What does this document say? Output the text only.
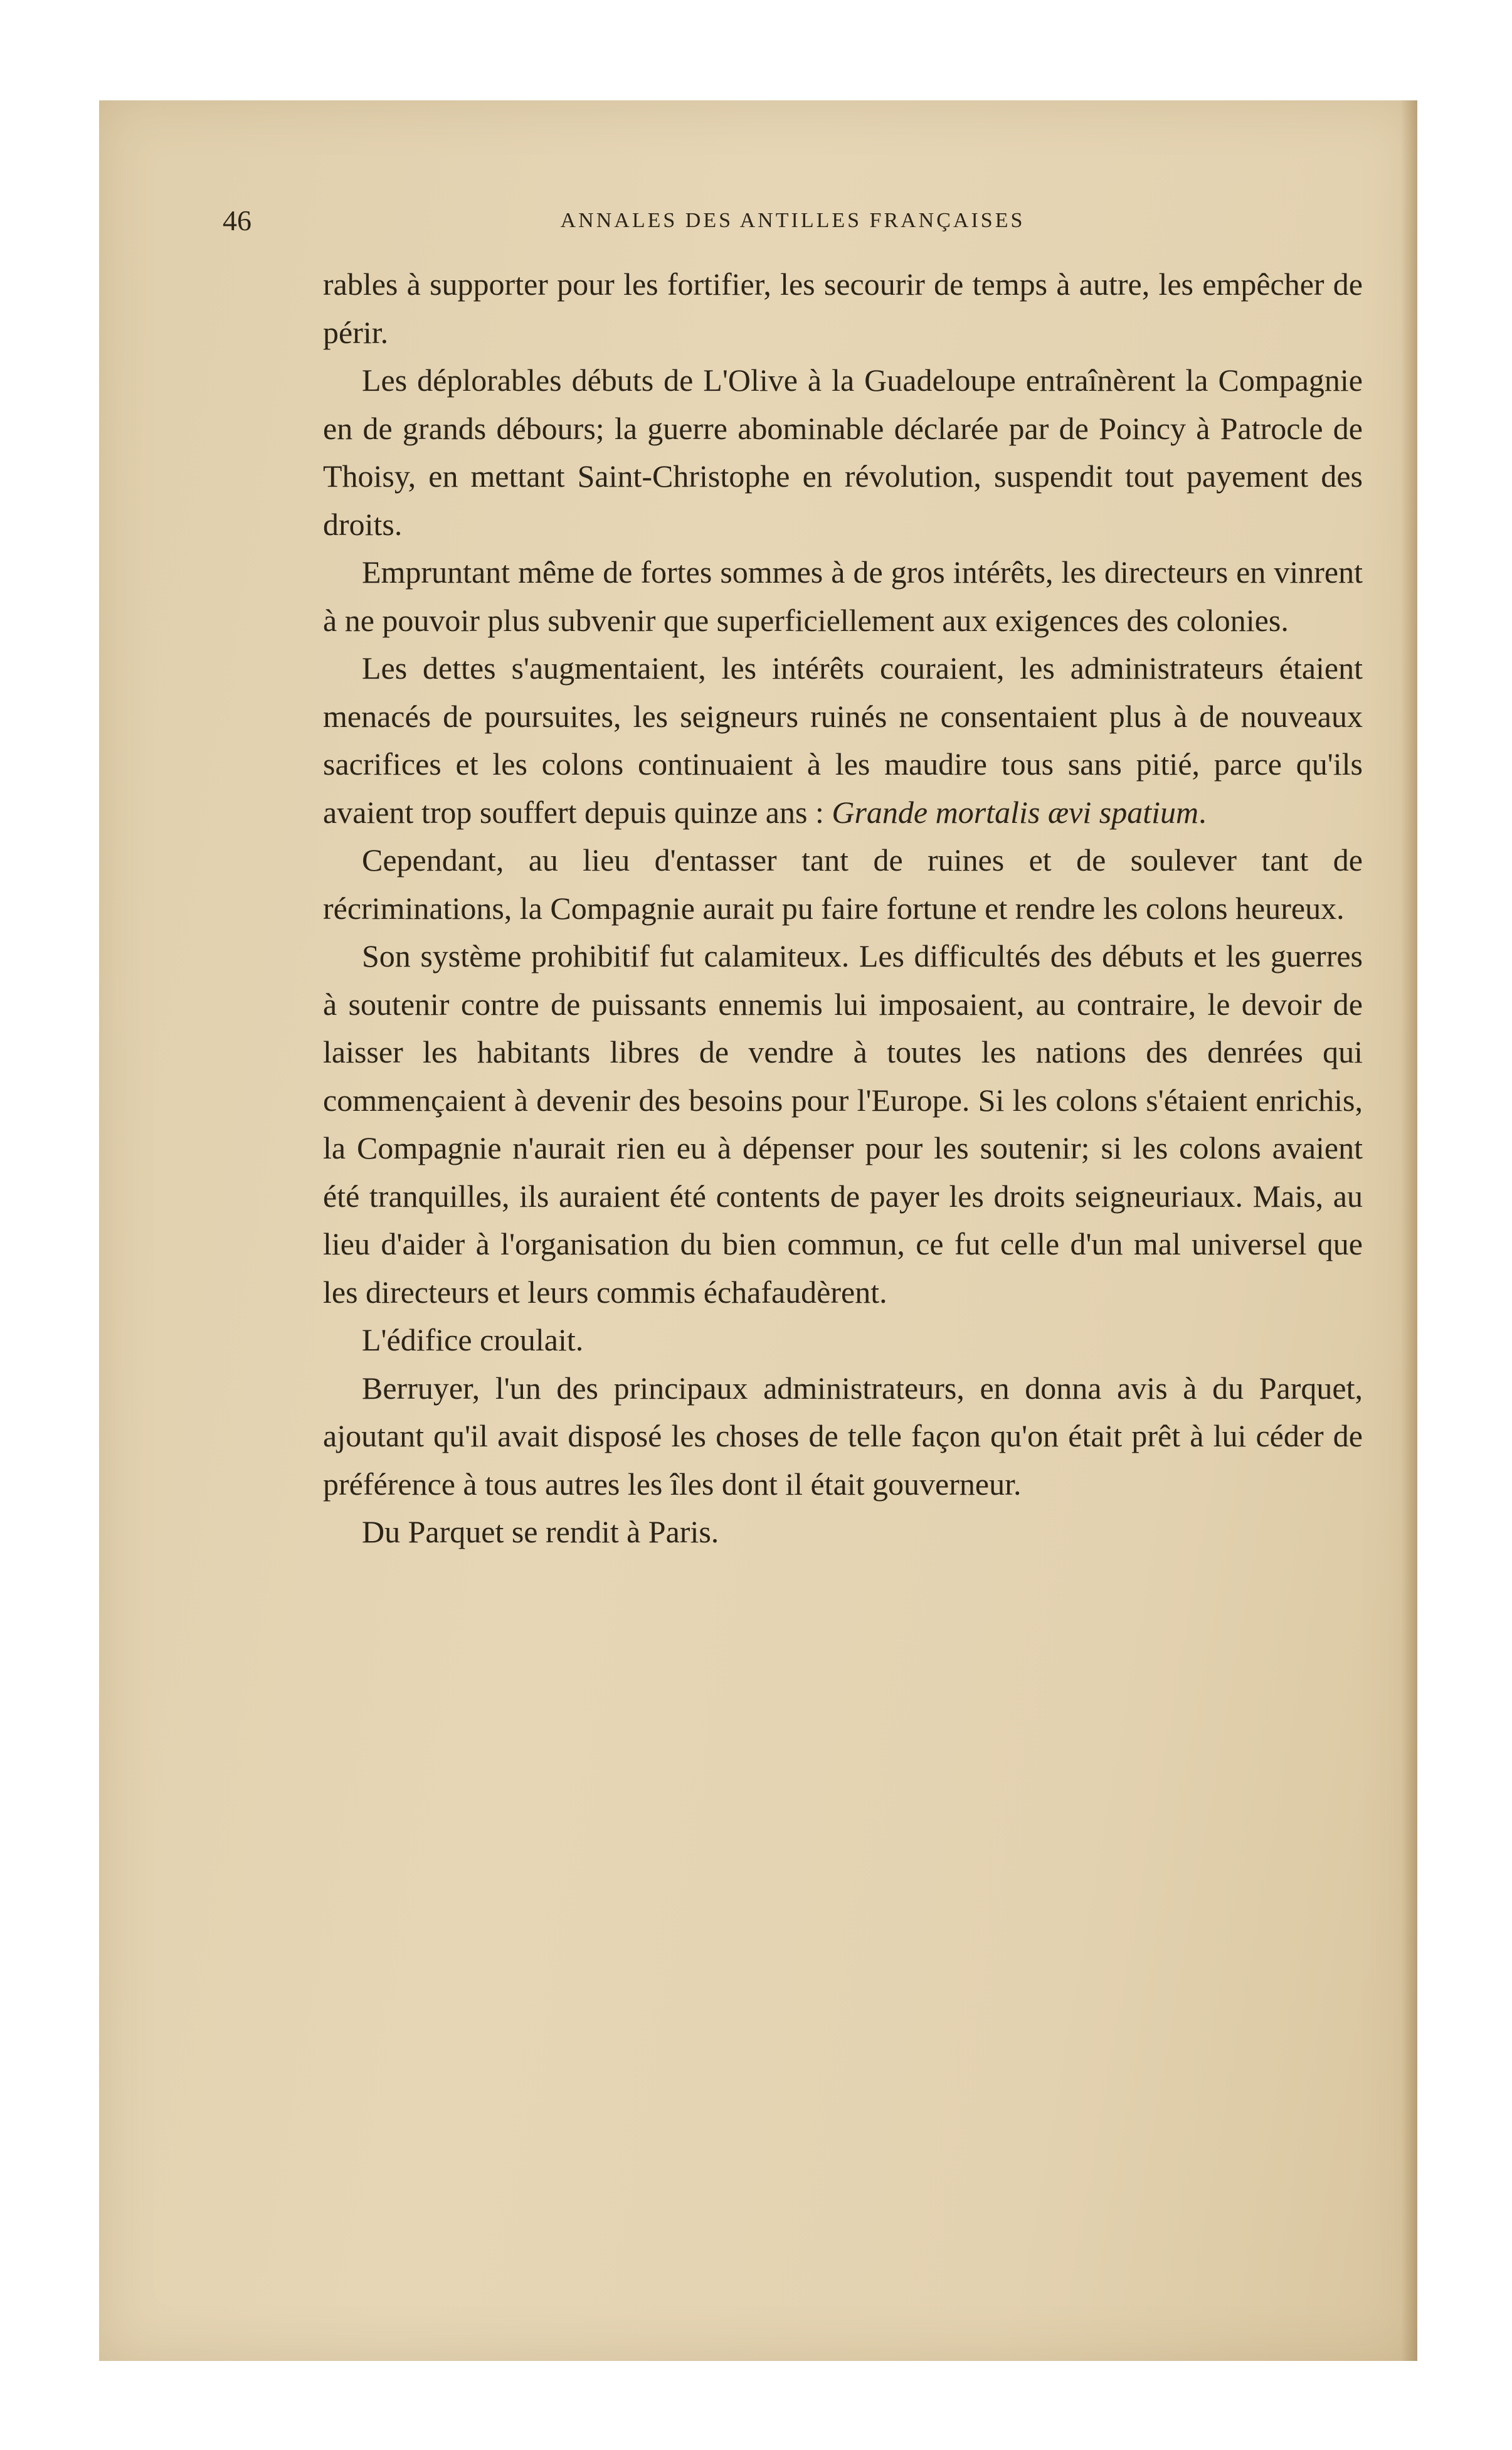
46	ANNALES DES ANTILLES FRANÇAISES

rables à supporter pour les fortifier, les secourir de temps à autre, les empêcher de périr.

Les déplorables débuts de L'Olive à la Guadeloupe entraînèrent la Compagnie en de grands débours; la guerre abominable déclarée par de Poincy à Patrocle de Thoisy, en mettant Saint-Christophe en révolution, suspendit tout payement des droits.

Empruntant même de fortes sommes à de gros intérêts, les directeurs en vinrent à ne pouvoir plus subvenir que superficiellement aux exigences des colonies.

Les dettes s'augmentaient, les intérêts couraient, les administrateurs étaient menacés de poursuites, les seigneurs ruinés ne consentaient plus à de nouveaux sacrifices et les colons continuaient à les maudire tous sans pitié, parce qu'ils avaient trop souffert depuis quinze ans : Grande mortalis ævi spatium.

Cependant, au lieu d'entasser tant de ruines et de soulever tant de récriminations, la Compagnie aurait pu faire fortune et rendre les colons heureux.

Son système prohibitif fut calamiteux. Les difficultés des débuts et les guerres à soutenir contre de puissants ennemis lui imposaient, au contraire, le devoir de laisser les habitants libres de vendre à toutes les nations des denrées qui commençaient à devenir des besoins pour l'Europe. Si les colons s'étaient enrichis, la Compagnie n'aurait rien eu à dépenser pour les soutenir; si les colons avaient été tranquilles, ils auraient été contents de payer les droits seigneuriaux. Mais, au lieu d'aider à l'organisation du bien commun, ce fut celle d'un mal universel que les directeurs et leurs commis échafaudèrent.

L'édifice croulait.

Berruyer, l'un des principaux administrateurs, en donna avis à du Parquet, ajoutant qu'il avait disposé les choses de telle façon qu'on était prêt à lui céder de préférence à tous autres les îles dont il était gouverneur.

Du Parquet se rendit à Paris.
